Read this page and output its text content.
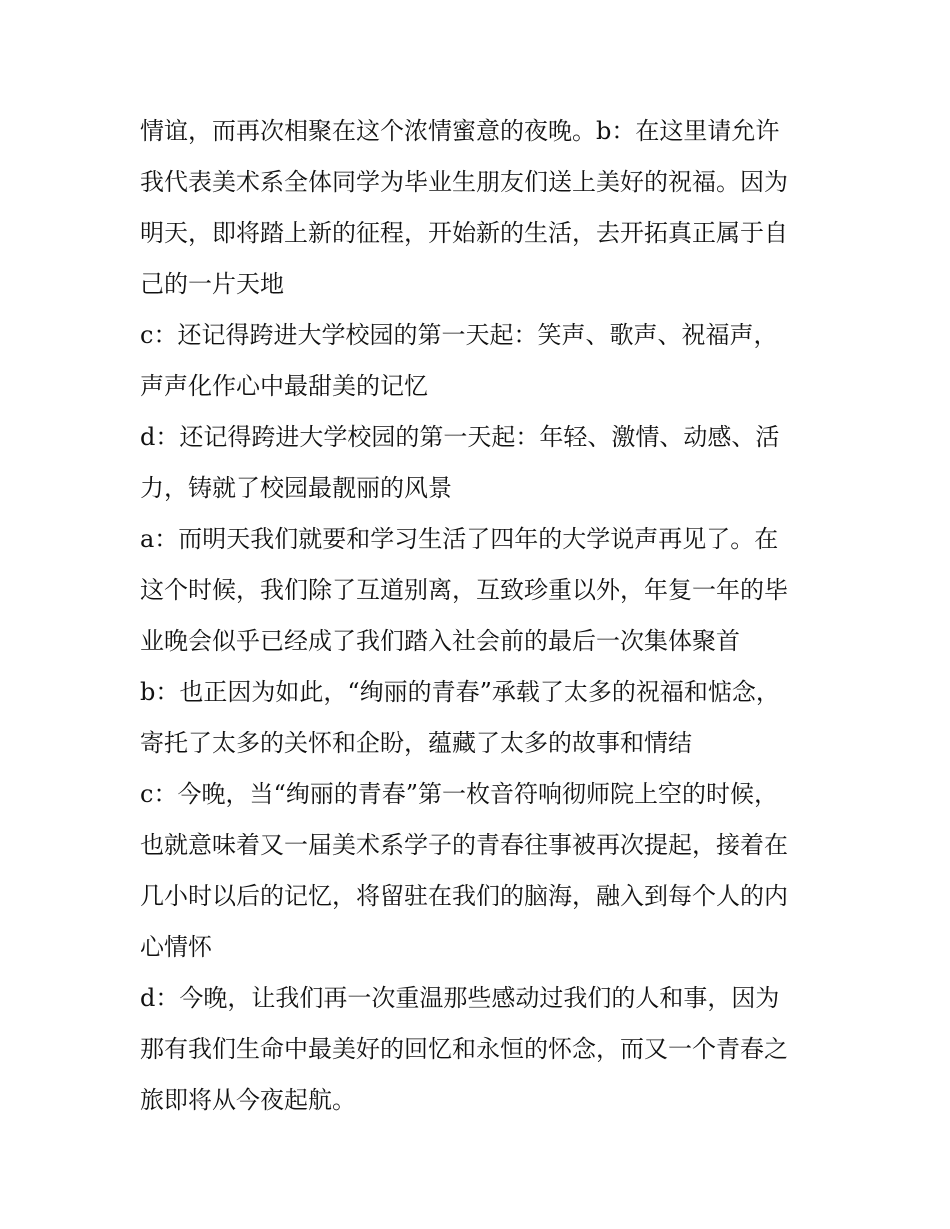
情谊，而再次相聚在这个浓情蜜意的夜晚。b：在这里请允许
我代表美术系全体同学为毕业生朋友们送上美好的祝福。因为
明天，即将踏上新的征程，开始新的生活，去开拓真正属于自
己的一片天地
c：还记得跨进大学校园的第一天起：笑声、歌声、祝福声，
声声化作心中最甜美的记忆
d：还记得跨进大学校园的第一天起：年轻、激情、动感、活
力，铸就了校园最靓丽的风景
a：而明天我们就要和学习生活了四年的大学说声再见了。在
这个时候，我们除了互道别离，互致珍重以外，年复一年的毕
业晚会似乎已经成了我们踏入社会前的最后一次集体聚首
b：也正因为如此，“绚丽的青春”承载了太多的祝福和惦念，
寄托了太多的关怀和企盼，蕴藏了太多的故事和情结
c：今晚，当“绚丽的青春”第一枚音符响彻师院上空的时候，
也就意味着又一届美术系学子的青春往事被再次提起，接着在
几小时以后的记忆，将留驻在我们的脑海，融入到每个人的内
心情怀
d：今晚，让我们再一次重温那些感动过我们的人和事，因为
那有我们生命中最美好的回忆和永恒的怀念，而又一个青春之
旅即将从今夜起航。
